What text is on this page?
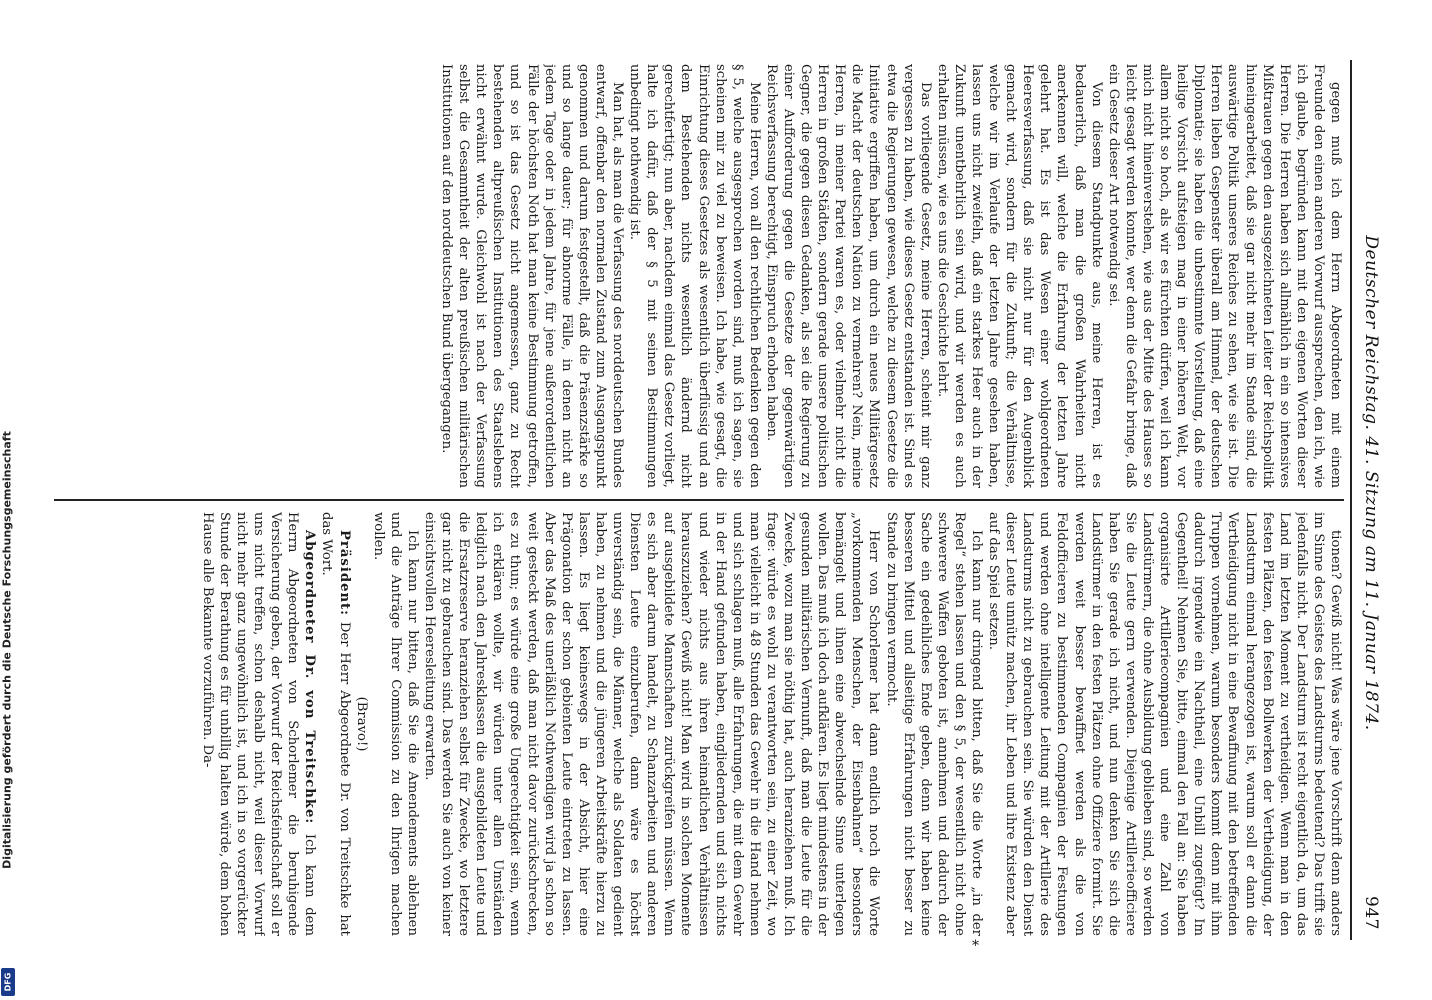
Digitalisierung gefördert durch die Deutsche Forschungsgemeinschaft
DFG
Deutscher Reichstag. 41. Sitzung am 11. Januar 1874.
947

gegen muß ich dem Herrn Abgeordneten mit einem Freunde den einen anderen Vorwurf aussprechen, den ich, wie ich glaube, begründen kann mit den eigenen Worten dieser Herren. Die Herren haben sich allmählich in ein so intensives Mißtrauen gegen den ausgezeichneten Leiter der Reichspolitik hineingearbeitet, daß sie gar nicht mehr im Stande sind, die auswärtige Politik unseres Reiches zu sehen, wie sie ist. Die Herren lieben Gespenster überall am Himmel, der deutschen Diplomatie; sie haben die unbestimmte Vorstellung, daß eine heilige Vorsicht aufsteigen mag in einer höheren Welt, vor allem nicht so hoch, als wir es fürchten dürfen, weil ich kann mich nicht hineinverstehen, wie aus der Mitte des Hauses so leicht gesagt werden konnte, wer denn die Gefahr bringe, daß ein Gesetz dieser Art notwendig sei.

Von diesem Standpunkte aus, meine Herren, ist es bedauerlich, daß man die großen Wahrheiten nicht anerkennen will, welche die Erfahrung der letzten Jahre gelehrt hat. Es ist das Wesen einer wohlgeordneten Heeresverfassung, daß sie nicht nur für den Augenblick gemacht wird, sondern für die Zukunft; die Verhältnisse, welche wir im Verlaufe der letzten Jahre gesehen haben, lassen uns nicht zweifeln, daß ein starkes Heer auch in der Zukunft unentbehrlich sein wird, und wir werden es auch erhalten müssen, wie es uns die Geschichte lehrt.

Das vorliegende Gesetz, meine Herren, scheint mir ganz vergessen zu haben, wie dieses Gesetz entstanden ist. Sind es etwa die Regierungen gewesen, welche zu diesem Gesetze die Initiative ergriffen haben, um durch ein neues Militärgesetz die Macht der deutschen Nation zu vermehren? Nein, meine Herren, in meiner Partei waren es, oder vielmehr nicht die Herren in großen Städten, sondern gerade unsere politischen Gegner, die gegen diesen Gedanken, als sei die Regierung zu einer Aufforderung gegen die Gesetze der gegenwärtigen Reichsverfassung berechtigt, Einspruch erhoben haben.

Meine Herren, von all den rechtlichen Bedenken gegen den § 5, welche ausgesprochen worden sind, muß ich sagen, sie scheinen mir zu viel zu beweisen. Ich habe, wie gesagt, die Einrichtung dieses Gesetzes als wesentlich überflüssig und an dem Bestehenden nichts wesentlich ändernd nicht gerechtfertigt; nun aber, nachdem einmal das Gesetz vorliegt, halte ich dafür, daß der § 5 mit seinen Bestimmungen unbedingt nothwendig ist.

Man hat, als man die Verfassung des norddeutschen Bundes entwarf, offenbar den normalen Zustand zum Ausgangspunkt genommen und darum festgestellt, daß die Präsenzstärke so und so lange dauer; für abnorme Fälle, in denen nicht an jedem Tage oder in jedem Jahre, für jene außerordentlichen Fälle der höchsten Noth hat man keine Bestimmung getroffen, und so ist das Gesetz nicht angemessen, ganz zu Recht bestehenden altpreußischen Institutionen des Staatslebens nicht erwähnt wurde. Gleichwohl ist nach der Verfassung selbst die Gesammtheit der alten preußischen militärischen Institutionen auf den norddeutschen Bund übergegangen.

tionen? Gewiß nicht! Was wäre jene Vorschrift denn anders im Sinne des Geistes des Landsturms bedeutend? Das trifft sie jedenfalls nicht. Der Landsturm ist recht eigentlich da, um das Land im letzten Moment zu vertheidigen. Wenn man in den festen Plätzen, den festen Bollwerken der Vertheidigung, der Landsturm einmal herangezogen ist, warum soll er dann die Vertheidigung nicht in eine Bewaffnung mit den betreffenden Truppen vornehmen, warum besonders kommt denn mit ihm dadurch irgendwie ein Nachtheil, eine Unbill zugefügt? Im Gegentheil! Nehmen Sie, bitte, einmal den Fall an: Sie haben organisirte Artilleriecompagnien und eine Zahl von Landstürmern, die ohne Ausbildung geblieben sind, so werden Sie die Leute gern verwenden. Diejenige Artillerieofficiere haben Sie gerade ich nicht, und nun denken Sie sich die Landstürmer in den festen Plätzen ohne Offiziere formirt. Sie werden weit besser bewaffnet werden als die von Feldofficieren zu bestimmenden Compagnien der Festungen und werden ohne intelligente Leitung mit der Artillerie des Landsturms nicht zu gebrauchen sein. Sie würden den Dienst dieser Leute unnütz machen, ihr Leben und ihre Existenz aber auf das Spiel setzen.

Ich kann nur dringend bitten, daß Sie die Worte „in der Regel“ stehen lassen und den § 5, der wesentlich nicht ohne schwerere Waffen geboten ist, annehmen und dadurch der Sache ein gedeihliches Ende geben, denn wir haben keine besseren Mittel und allseitige Erfahrungen nicht besser zu Stande zu bringen vermocht.

Herr von Schorlemer hat dann endlich noch die Worte „vorkommenden Menschen, der Eisenbahnen“ besonders bemängelt und ihnen eine abwechselnde Sinne unterlegen wollen. Das muß ich doch aufklären. Es liegt mindestens in der gesunden militärischen Vernunft, daß man die Leute für die Zwecke, wozu man sie nöthig hat, auch heranziehen muß. Ich frage: würde es wohl zu verantworten sein, zu einer Zeit, wo man vielleicht in 48 Stunden das Gewehr in die Hand nehmen und sich schlagen muß, alle Erfahrungen, die mit dem Gewehr in der Hand gefunden haben, eingliedernden und sich nichts und wieder nichts aus ihren heimatlichen Verhältnissen herauszuziehen? Gewiß nicht! Man wird in solchen Momente auf ausgebildete Mannschaften zurückgreifen müssen. Wenn es sich aber darum handelt, zu Schanzarbeiten und anderen Diensten Leute einzuberufen, dann wäre es höchst unverständig sein, die Männer, welche als Soldaten gedient haben, zu nehmen und die jüngeren Arbeitskräfte hierzu zu lassen. Es liegt keineswegs in der Absicht, hier eine Prägonation der schon gebienten Leute eintreten zu lassen. Aber das Maß des unerläßlich Nothwendigen wird ja schon so weit gesteckt werden, daß man nicht davor zurückschrecken, es zu thun; es würde eine große Ungerechtigkeit sein, wenn ich erklären wollte, wir würden unter allen Umständen lediglich nach den Jahresklassen die ausgebildeten Leute und die Ersatzreserve heranziehen selbst für Zwecke, wo letztere gar nicht zu gebrauchen sind. Das werden Sie auch von keiner einsichtsvollen Heeresleitung erwarten.

Ich kann nur bitten, daß Sie die Amendements ablehnen und die Anträge Ihrer Commission zu den Ihrigen machen wollen.

(Bravo!)

Präsident: Der Herr Abgeordnete Dr. von Treitschke hat das Wort.

Abgeordneter Dr. von Treitschke: Ich kann dem Herrn Abgeordneten von Schorlemer die beruhigende Versicherung geben, der Vorwurf der Reichsfeindschaft soll er uns nicht treffen, schon deshalb nicht, weil dieser Vorwurf nicht mehr ganz ungewöhnlich ist, und ich in so vorgerückter Stunde der Berathung es für unbillig halten würde, dem hohen Hause alle Bekannte vorzuführen. Da-

*
